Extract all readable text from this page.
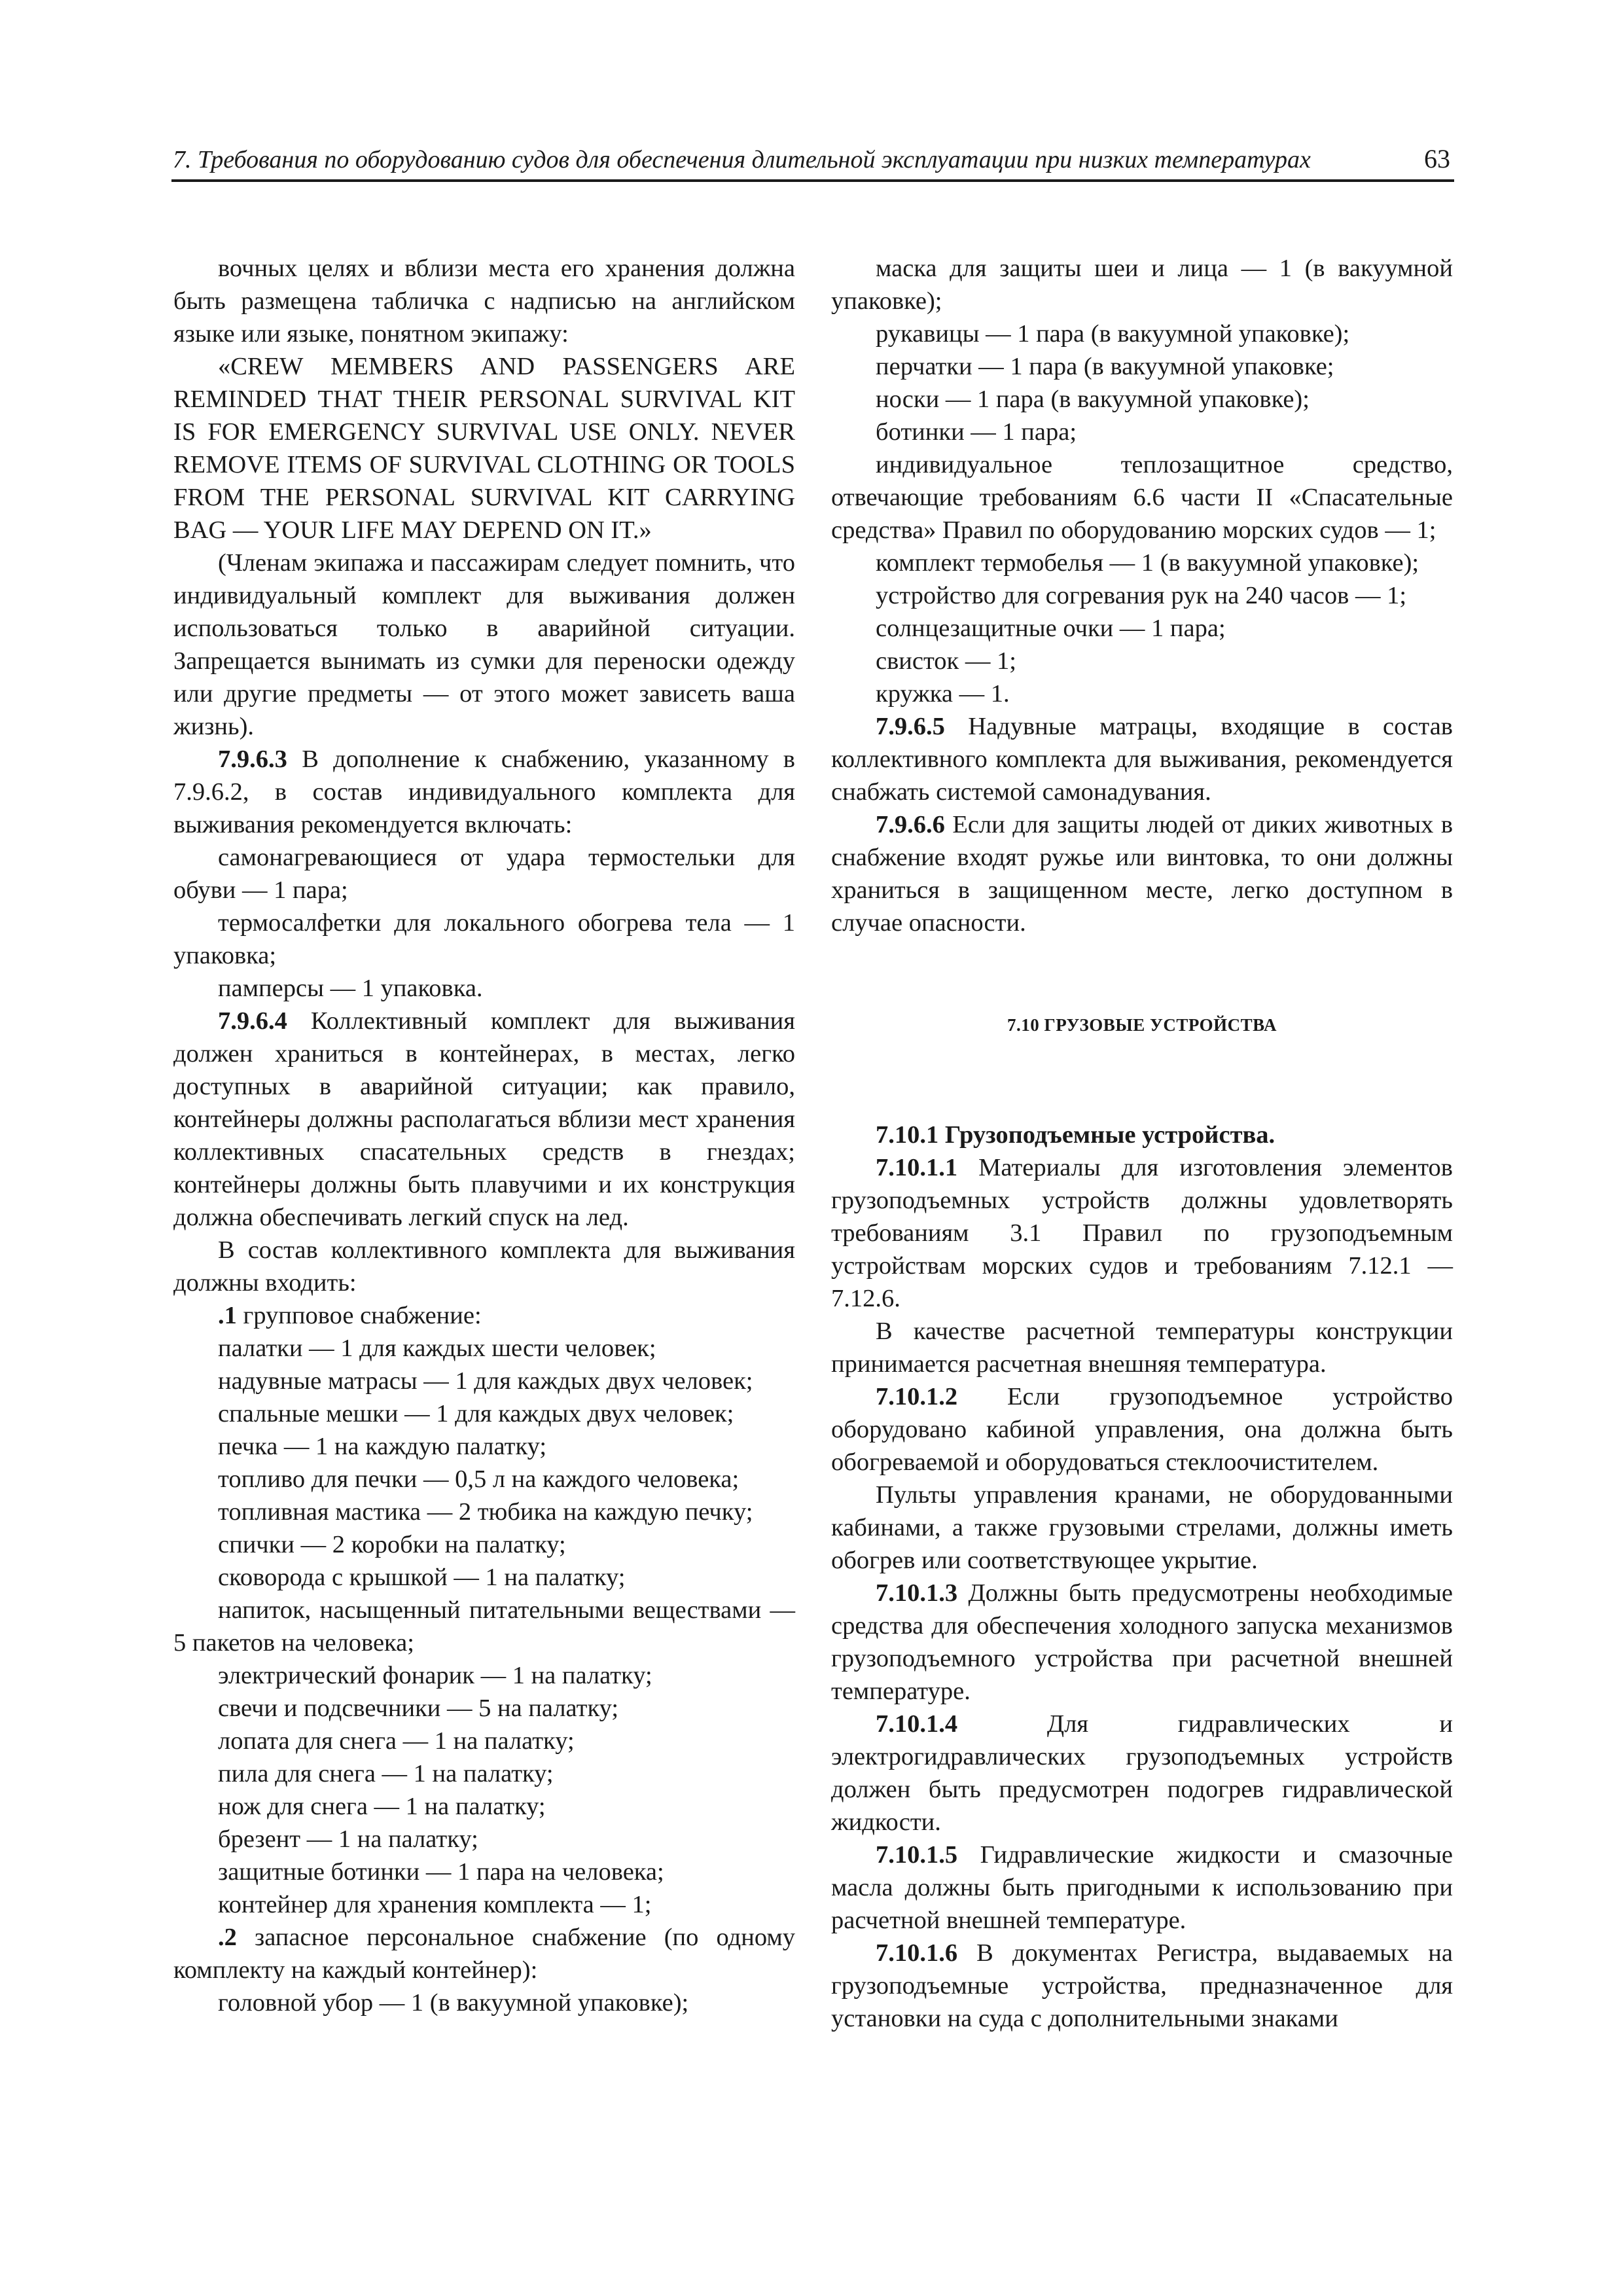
7. Требования по оборудованию судов для обеспечения длительной эксплуатации при низких температурах	63

вочных целях и вблизи места его хранения должна быть размещена табличка с надписью на английском языке или языке, понятном экипажу:

«CREW MEMBERS AND PASSENGERS ARE REMINDED THAT THEIR PERSONAL SURVIVAL KIT IS FOR EMERGENCY SURVIVAL USE ONLY. NEVER REMOVE ITEMS OF SURVIVAL CLOTHING OR TOOLS FROM THE PERSONAL SURVIVAL KIT CARRYING BAG — YOUR LIFE MAY DEPEND ON IT.»

(Членам экипажа и пассажирам следует помнить, что индивидуальный комплект для выживания должен использоваться только в аварийной ситуации. Запрещается вынимать из сумки для переноски одежду или другие предметы — от этого может зависеть ваша жизнь).

7.9.6.3 В дополнение к снабжению, указанному в 7.9.6.2, в состав индивидуального комплекта для выживания рекомендуется включать:

самонагревающиеся от удара термостельки для обуви — 1 пара;

термосалфетки для локального обогрева тела — 1 упаковка;

памперсы — 1 упаковка.

7.9.6.4 Коллективный комплект для выживания должен храниться в контейнерах, в местах, легко доступных в аварийной ситуации; как правило, контейнеры должны располагаться вблизи мест хранения коллективных спасательных средств в гнездах; контейнеры должны быть плавучими и их конструкция должна обеспечивать легкий спуск на лед.

В состав коллективного комплекта для выживания должны входить:

.1 групповое снабжение:

палатки — 1 для каждых шести человек;

надувные матрасы — 1 для каждых двух человек;

спальные мешки — 1 для каждых двух человек;

печка — 1 на каждую палатку;

топливо для печки — 0,5 л на каждого человека;

топливная мастика — 2 тюбика на каждую печку;

спички — 2 коробки на палатку;

сковорода с крышкой — 1 на палатку;

напиток, насыщенный питательными веществами — 5 пакетов на человека;

электрический фонарик — 1 на палатку;

свечи и подсвечники — 5 на палатку;

лопата для снега — 1 на палатку;

пила для снега — 1 на палатку;

нож для снега — 1 на палатку;

брезент — 1 на палатку;

защитные ботинки — 1 пара на человека;

контейнер для хранения комплекта — 1;

.2 запасное персональное снабжение (по одному комплекту на каждый контейнер):

головной убор — 1 (в вакуумной упаковке);

маска для защиты шеи и лица — 1 (в вакуумной упаковке);

рукавицы — 1 пара (в вакуумной упаковке);

перчатки — 1 пара (в вакуумной упаковке;

носки — 1 пара (в вакуумной упаковке);

ботинки — 1 пара;

индивидуальное теплозащитное средство, отвечающие требованиям 6.6 части II «Спасательные средства» Правил по оборудованию морских судов — 1;

комплект термобелья — 1 (в вакуумной упаковке);

устройство для согревания рук на 240 часов — 1;

солнцезащитные очки — 1 пара;

свисток — 1;

кружка — 1.

7.9.6.5 Надувные матрацы, входящие в состав коллективного комплекта для выживания, рекомендуется снабжать системой самонадувания.

7.9.6.6 Если для защиты людей от диких животных в снабжение входят ружье или винтовка, то они должны храниться в защищенном месте, легко доступном в случае опасности.

7.10 ГРУЗОВЫЕ УСТРОЙСТВА

7.10.1 Грузоподъемные устройства.

7.10.1.1 Материалы для изготовления элементов грузоподъемных устройств должны удовлетворять требованиям 3.1 Правил по грузоподъемным устройствам морских судов и требованиям 7.12.1 — 7.12.6.

В качестве расчетной температуры конструкции принимается расчетная внешняя температура.

7.10.1.2 Если грузоподъемное устройство оборудовано кабиной управления, она должна быть обогреваемой и оборудоваться стеклоочистителем.

Пульты управления кранами, не оборудованными кабинами, а также грузовыми стрелами, должны иметь обогрев или соответствующее укрытие.

7.10.1.3 Должны быть предусмотрены необходимые средства для обеспечения холодного запуска механизмов грузоподъемного устройства при расчетной внешней температуре.

7.10.1.4 Для гидравлических и электрогидравлических грузоподъемных устройств должен быть предусмотрен подогрев гидравлической жидкости.

7.10.1.5 Гидравлические жидкости и смазочные масла должны быть пригодными к использованию при расчетной внешней температуре.

7.10.1.6 В документах Регистра, выдаваемых на грузоподъемные устройства, предназначенное для установки на суда с дополнительными знаками
